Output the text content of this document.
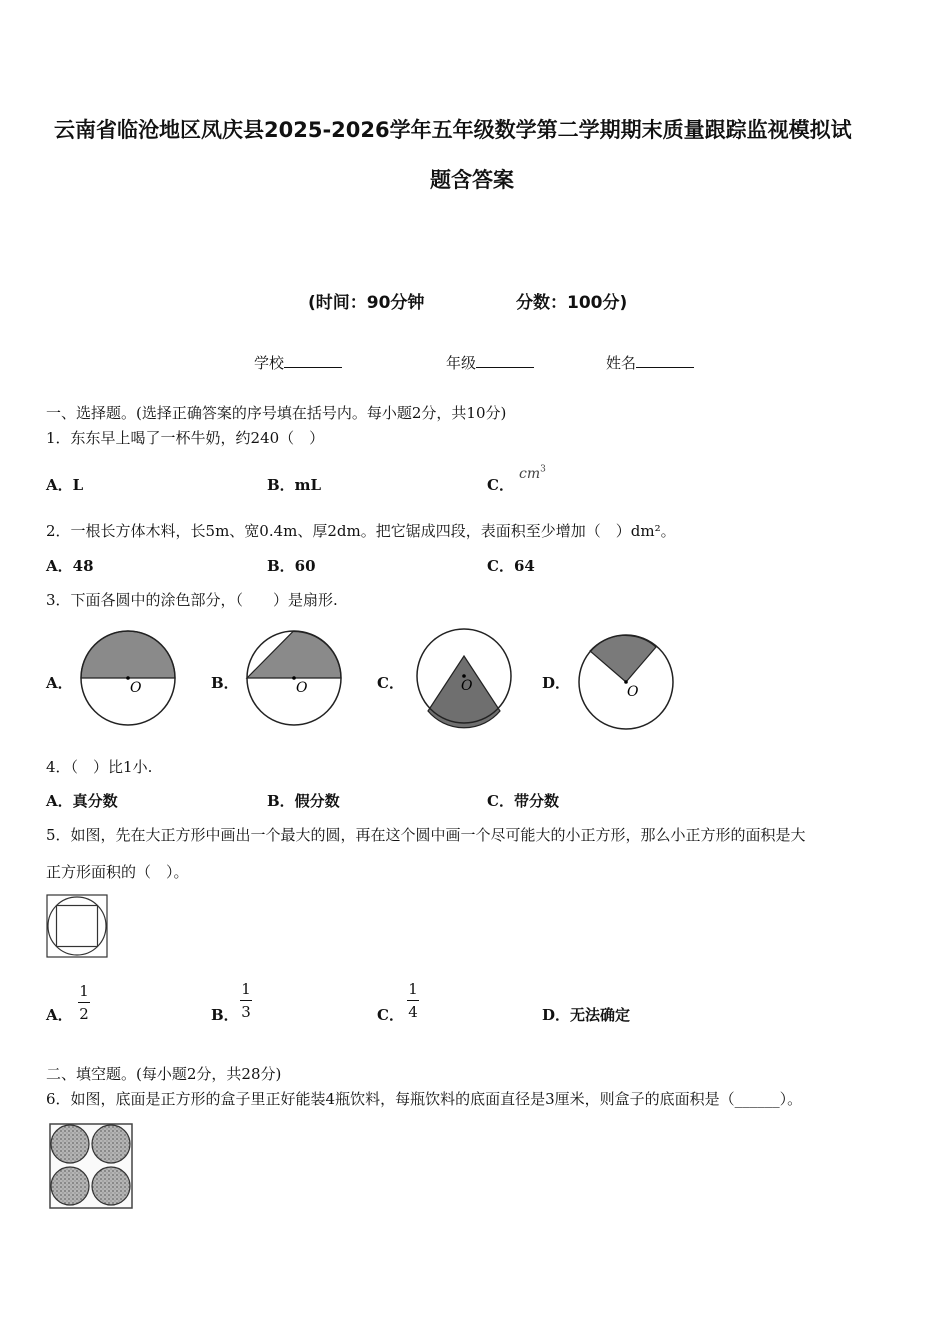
云南省临沧地区凤庆县2025-2026学年五年级数学第二学期期末质量跟踪监视模拟试
题含答案
(时间：90分钟	分数：100分)
学校	年级	姓名
一、选择题。(选择正确答案的序号填在括号内。每小题2分，共10分)
1．东东早上喝了一杯牛奶，约240（　）
A．L	B．mL	C．
$cm^3$
2．一根长方体木料，长5m、宽0.4m、厚2dm。把它锯成四段，表面积至少增加（　）dm²。
A．48	B．60	C．64
3．下面各圆中的涂色部分，（　　）是扇形.
A．	B．	C．	D．
O	O	O	O
4．（　）比1小.
A．真分数	B．假分数	C．带分数
5．如图，先在大正方形中画出一个最大的圆，再在这个圆中画一个尽可能大的小正方形，那么小正方形的面积是大
正方形面积的（　）。
A． $\frac{1}{2}$	B． $\frac{1}{3}$	C． $\frac{1}{4}$	D．无法确定
二、填空题。(每小题2分，共28分)
6．如图，底面是正方形的盒子里正好能装4瓶饮料，每瓶饮料的底面直径是3厘米，则盒子的底面积是（______）。
